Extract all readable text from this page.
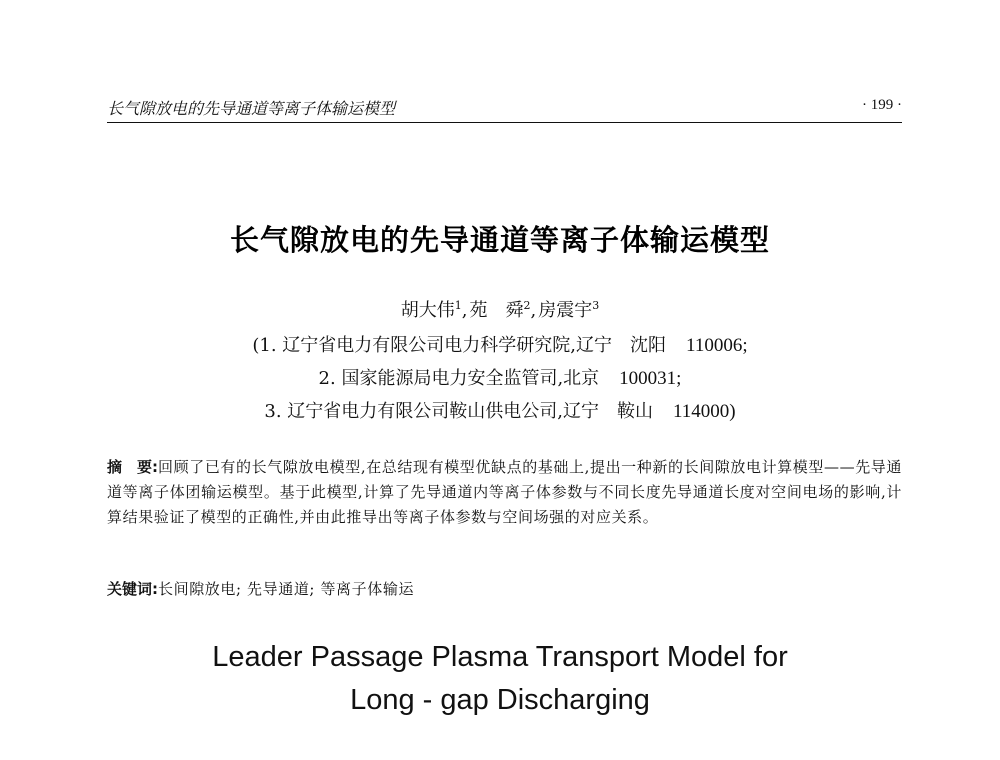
长气隙放电的先导通道等离子体输运模型	· 199 ·
长气隙放电的先导通道等离子体输运模型
胡大伟$^1$, 苑　舜$^2$, 房震宇$^3$
(1. 辽宁省电力有限公司电力科学研究院,辽宁　沈阳 110006;
2. 国家能源局电力安全监管司,北京 100031;
3. 辽宁省电力有限公司鞍山供电公司,辽宁　鞍山 114000)
摘　要:回顾了已有的长气隙放电模型,在总结现有模型优缺点的基础上,提出一种新的长间隙放电计算模型——先导通道等离子体团输运模型。基于此模型,计算了先导通道内等离子体参数与不同长度先导通道长度对空间电场的影响,计算结果验证了模型的正确性,并由此推导出等离子体参数与空间场强的对应关系。
关键词:长间隙放电; 先导通道; 等离子体输运
Leader Passage Plasma Transport Model for
Long - gap Discharging
